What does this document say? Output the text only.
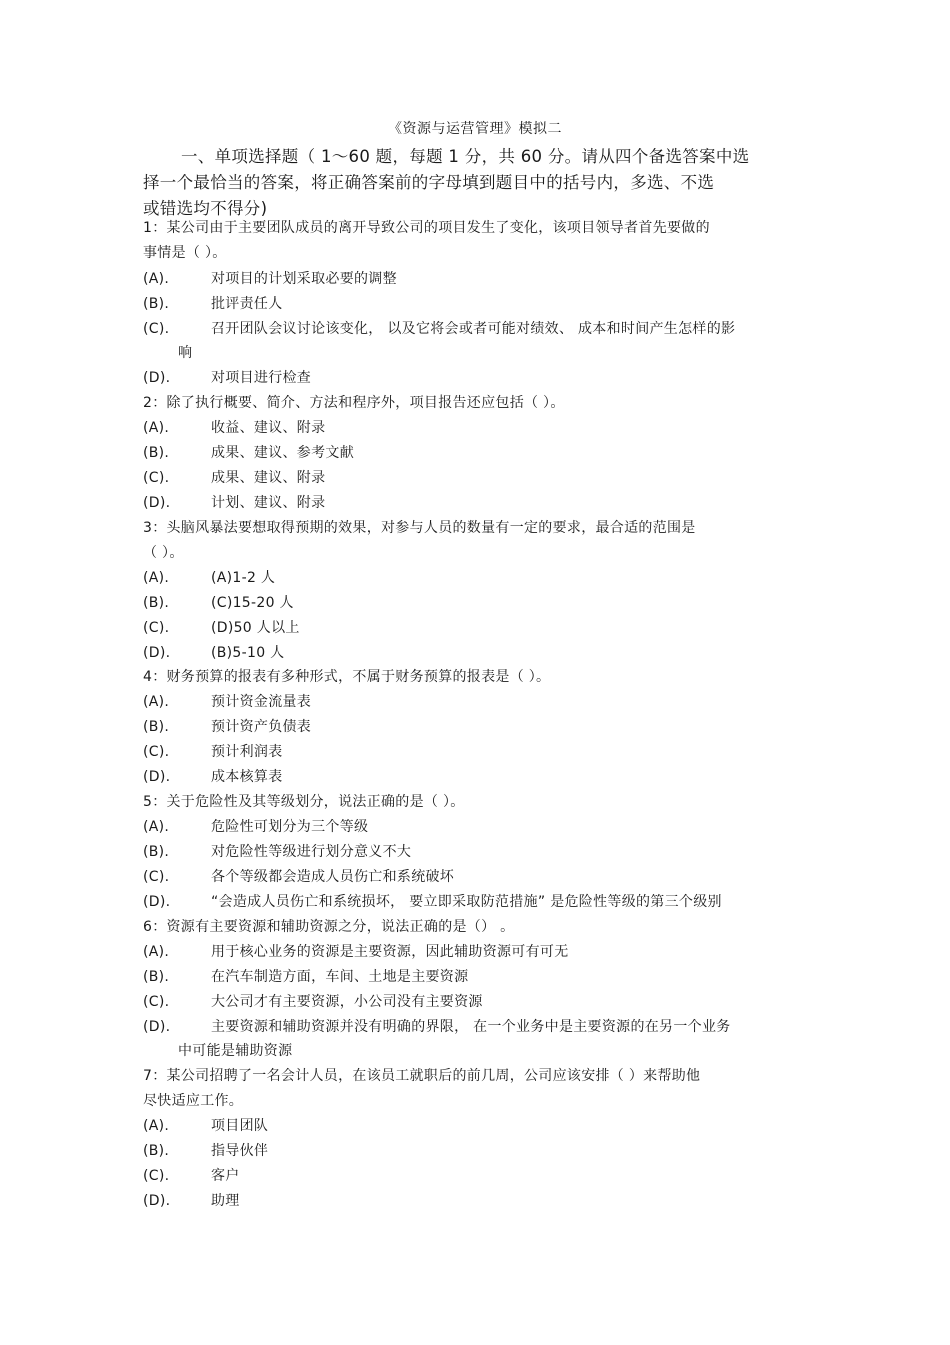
《资源与运营管理》模拟二
一、单项选择题（ 1～60 题，每题 1 分，共 60 分。请从四个备选答案中选
择一个最恰当的答案，将正确答案前的字母填到题目中的括号内，多选、不选
或错选均不得分)
1：某公司由于主要团队成员的离开导致公司的项目发生了变化，该项目领导者首先要做的
事情是（ ）。
(A).	对项目的计划采取必要的调整
(B).	批评责任人
(C).	召开团队会议讨论该变化， 以及它将会或者可能对绩效、 成本和时间产生怎样的影
响
(D).	对项目进行检查
2：除了执行概要、简介、方法和程序外，项目报告还应包括（ ）。
(A).	收益、建议、附录
(B).	成果、建议、参考文献
(C).	成果、建议、附录
(D).	计划、建议、附录
3：头脑风暴法要想取得预期的效果，对参与人员的数量有一定的要求，最合适的范围是
（ ）。
(A).	(A)1-2 人
(B).	(C)15-20 人
(C).	(D)50 人以上
(D).	(B)5-10 人
4：财务预算的报表有多种形式，不属于财务预算的报表是（ ）。
(A).	预计资金流量表
(B).	预计资产负债表
(C).	预计利润表
(D).	成本核算表
5：关于危险性及其等级划分，说法正确的是（ ）。
(A).	危险性可划分为三个等级
(B).	对危险性等级进行划分意义不大
(C).	各个等级都会造成人员伤亡和系统破坏
(D).	“会造成人员伤亡和系统损坏， 要立即采取防范措施” 是危险性等级的第三个级别
6：资源有主要资源和辅助资源之分，说法正确的是（） 。
(A).	用于核心业务的资源是主要资源，因此辅助资源可有可无
(B).	在汽车制造方面，车间、土地是主要资源
(C).	大公司才有主要资源，小公司没有主要资源
(D).	主要资源和辅助资源并没有明确的界限， 在一个业务中是主要资源的在另一个业务
中可能是辅助资源
7：某公司招聘了一名会计人员，在该员工就职后的前几周，公司应该安排（ ）来帮助他
尽快适应工作。
(A).	项目团队
(B).	指导伙伴
(C).	客户
(D).	助理
